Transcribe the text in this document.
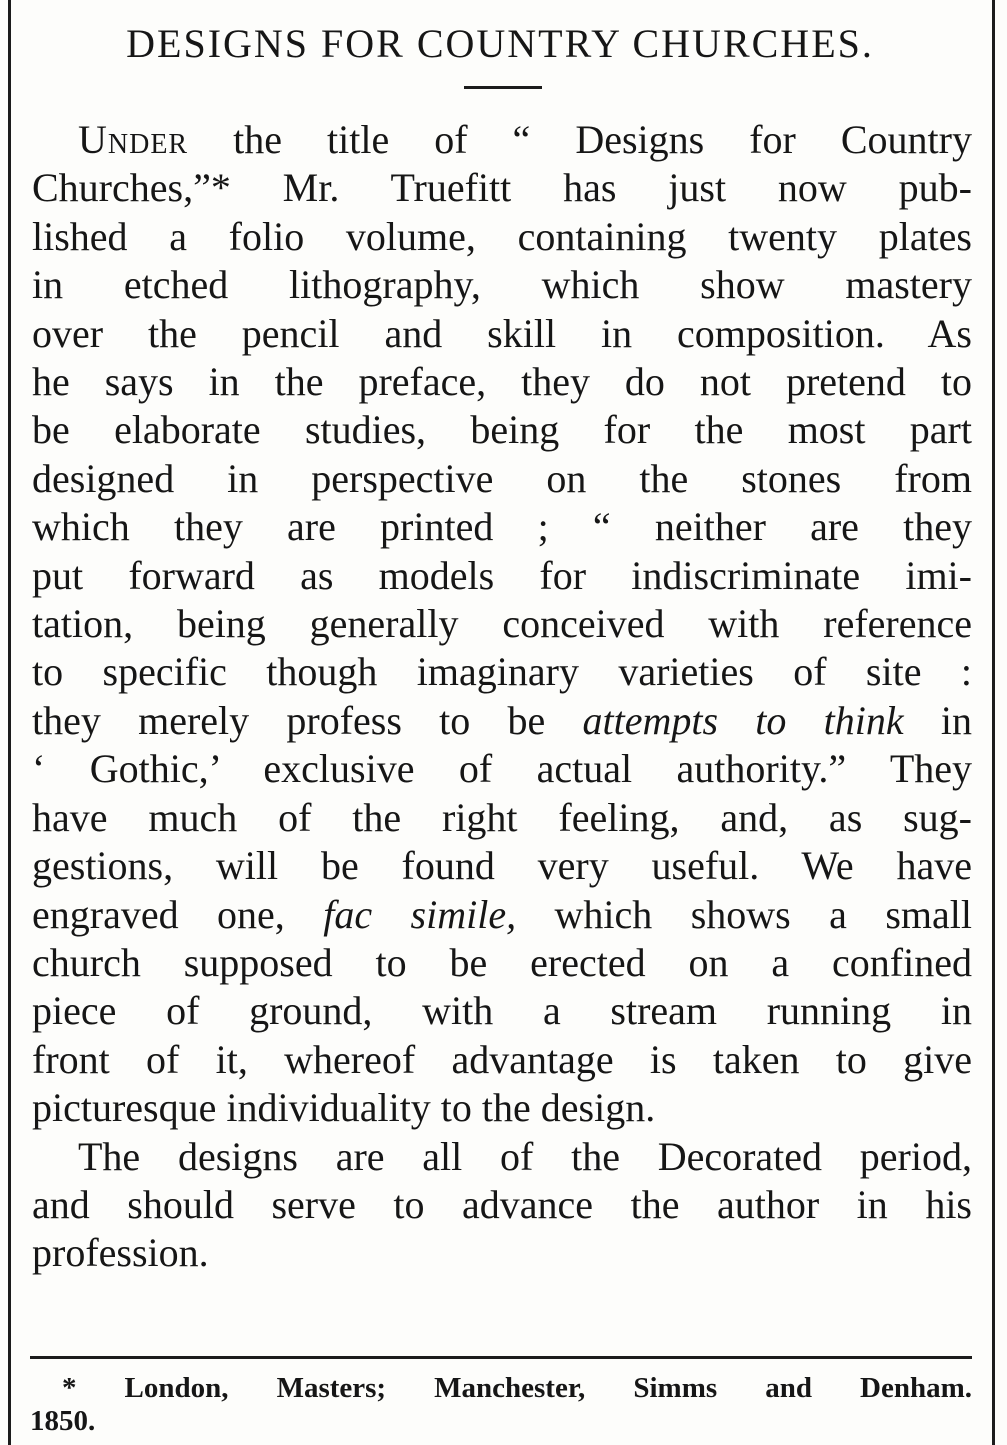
DESIGNS FOR COUNTRY CHURCHES.

Under the title of “ Designs for Country
Churches,”* Mr. Truefitt has just now pub-
lished a folio volume, containing twenty plates
in etched lithography, which show mastery
over the pencil and skill in composition. As
he says in the preface, they do not pretend to
be elaborate studies, being for the most part
designed in perspective on the stones from
which they are printed ; “ neither are they
put forward as models for indiscriminate imi-
tation, being generally conceived with reference
to specific though imaginary varieties of site :
they merely profess to be attempts to think in
‘ Gothic,’ exclusive of actual authority.” They
have much of the right feeling, and, as sug-
gestions, will be found very useful. We have
engraved one, fac simile, which shows a small
church supposed to be erected on a confined
piece of ground, with a stream running in
front of it, whereof advantage is taken to give
picturesque individuality to the design.

The designs are all of the Decorated period,
and should serve to advance the author in his
profession.

* London, Masters; Manchester, Simms and Denham.
1850.
